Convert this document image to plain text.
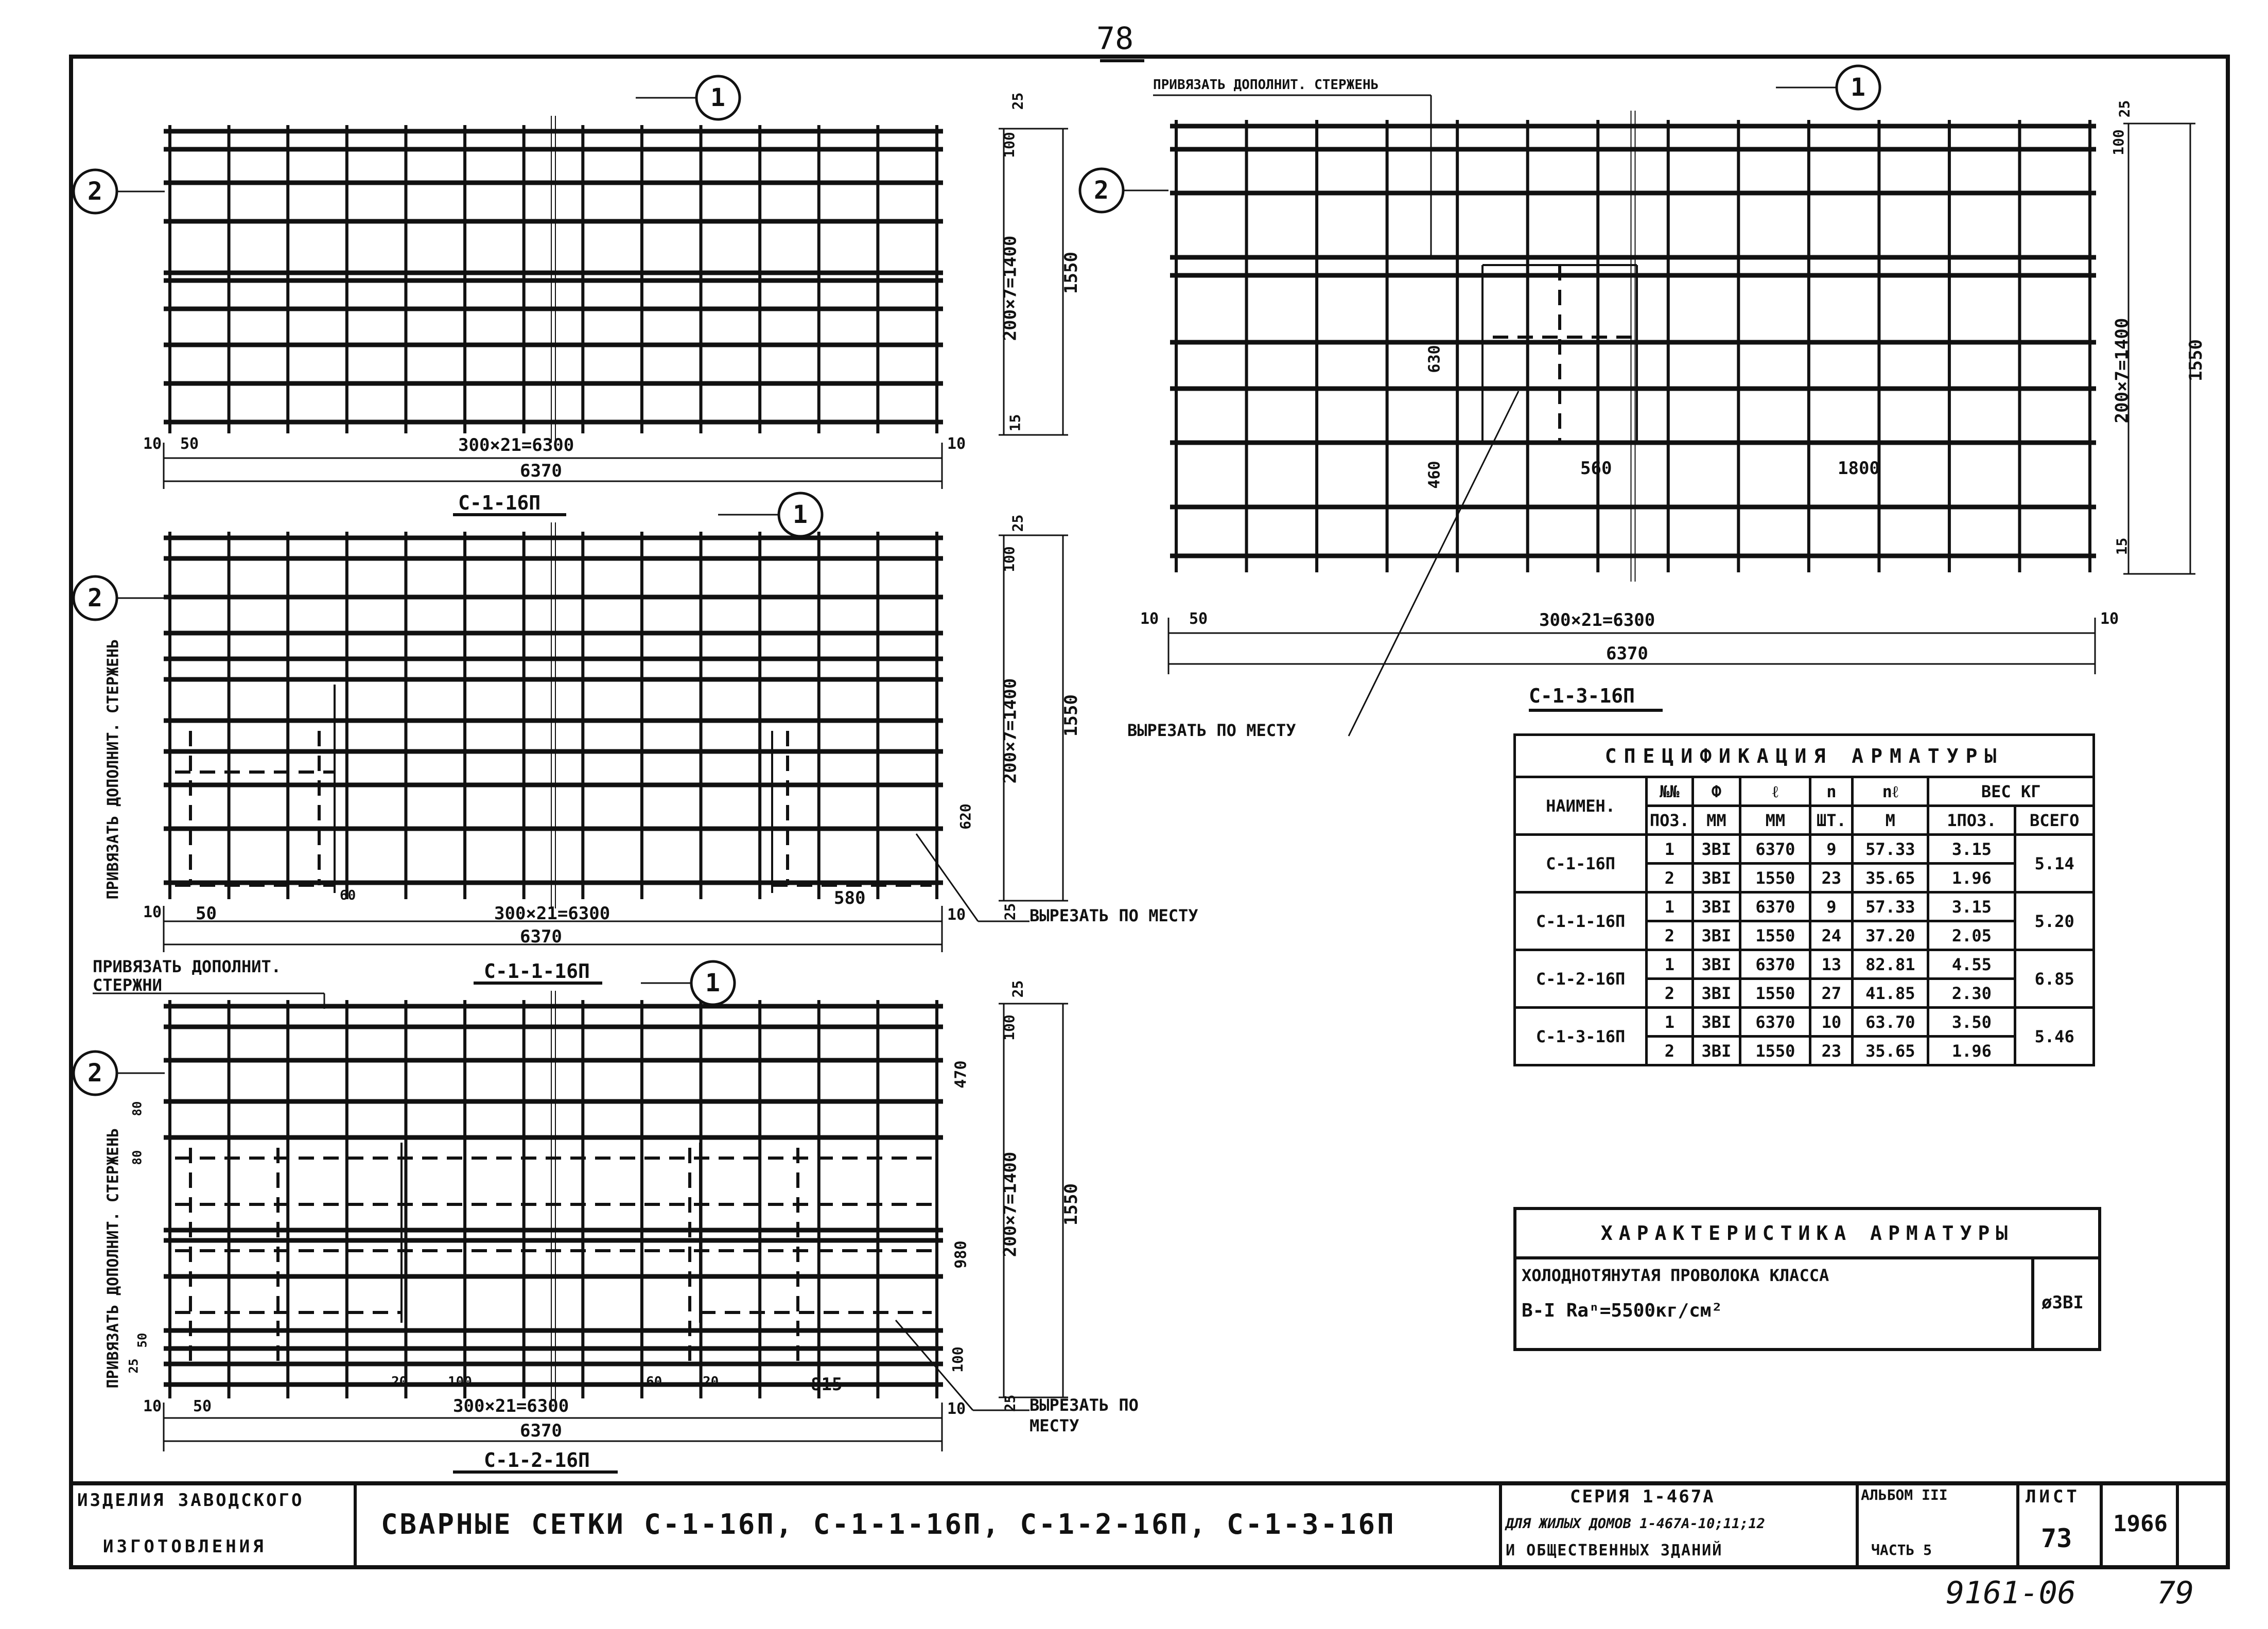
78
9161-06	79
1
2
10 50	300×21=6300	10
6370
С-1-16П
25
100
200×7=1400
15
1550
1
2
ПРИВЯЗАТЬ ДОПОЛНИТ. СТЕРЖЕНЬ
10 50
60
300×21=6300
580
10
6370
С-1-1-16П
ВЫРЕЗАТЬ ПО МЕСТУ
620
25
100
200×7=1400 1550
25
ПРИВЯЗАТЬ ДОПОЛНИТ. СТЕРЖНИ	1
2
ПРИВЯЗАТЬ ДОПОЛНИТ. СТЕРЖЕНЬ
80
80
25
50
20	100	60	20	815
10 50	300×21=6300	10
6370
С-1-2-16П
ВЫРЕЗАТЬ ПО МЕСТУ
25
100
470
200×7=1400
980
100
25
1550
ПРИВЯЗАТЬ ДОПОЛНИТ. СТЕРЖЕНЬ	1
2
630
460	560	1800
10 50	300×21=6300	10
6370
С-1-3-16П
ВЫРЕЗАТЬ ПО МЕСТУ
25
100
200×7=1400
15
1550
СПЕЦИФИКАЦИЯ АРМАТУРЫ							
НАИМЕН.	№№	Ф	ℓ	n	nℓ	ВЕС КГ	
	ПОЗ.	ММ	ММ	ШТ.	М	1ПОЗ.	ВСЕГО
С-1-16П	1	3ВI	6370	9	57.33	3.15	5.14
	2	3ВI	1550	23	35.65	1.96	
С-1-1-16П	1	3ВI	6370	9	57.33	3.15	5.20
	2	3ВI	1550	24	37.20	2.05	
С-1-2-16П	1	3ВI	6370	13	82.81	4.55	6.85
	2	3ВI	1550	27	41.85	2.30	
С-1-3-16П	1	3ВI	6370	10	63.70	3.50	5.46
	2	3ВI	1550	23	35.65	1.96	
ХАРАКТЕРИСТИКА АРМАТУРЫ
ХОЛОДНОТЯНУТАЯ ПРОВОЛОКА КЛАССА
В-I Rаⁿ=5500кг/см²	ø3ВI
ИЗДЕЛИЯ ЗАВОДСКОГО
ИЗГОТОВЛЕНИЯ
СВАРНЫЕ СЕТКИ С-1-16П, С-1-1-16П, С-1-2-16П, С-1-3-16П
СЕРИЯ 1-467А
ДЛЯ ЖИЛЫХ ДОМОВ 1-467А-10;11;12
И ОБЩЕСТВЕННЫХ ЗДАНИЙ
АЛЬБОМ III
ЧАСТЬ 5
ЛИСТ
73 1966
